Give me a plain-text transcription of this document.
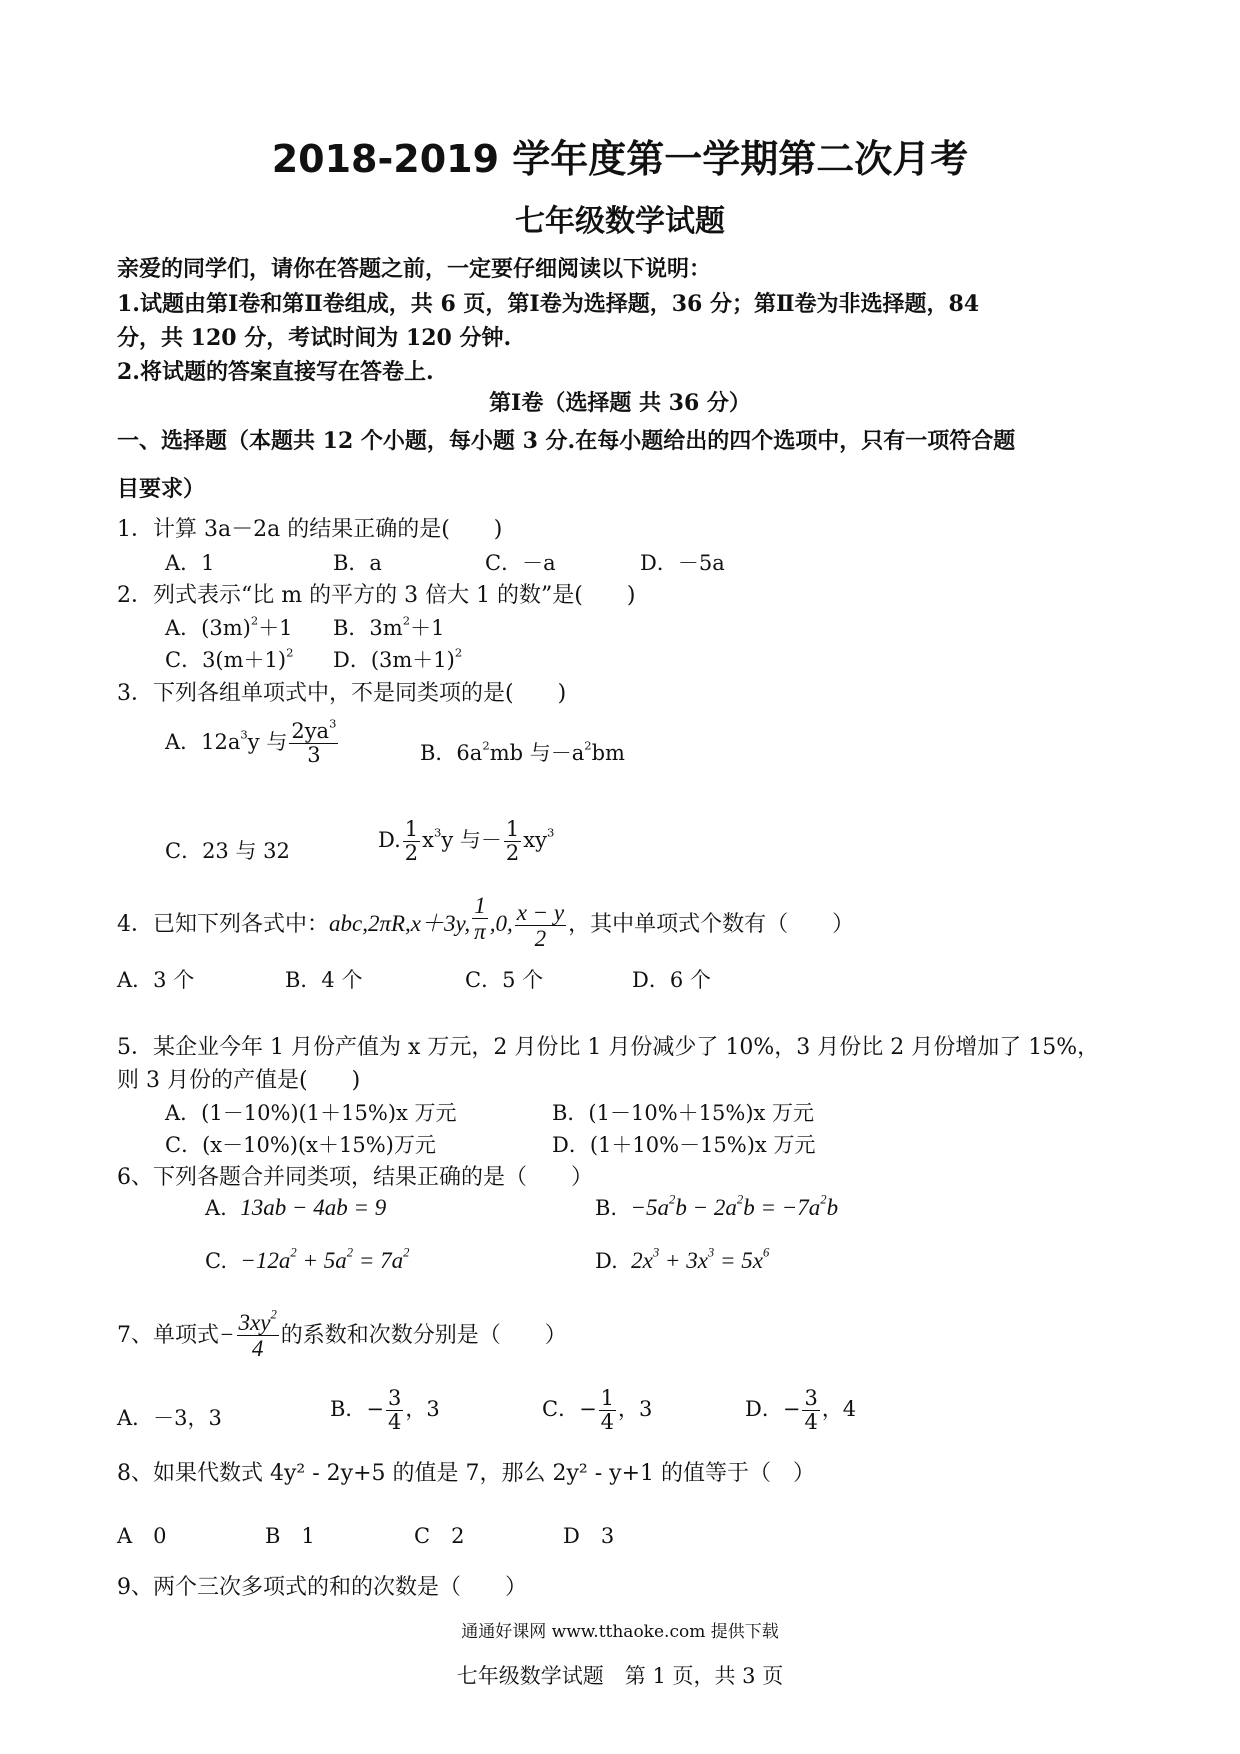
2018-2019 学年度第一学期第二次月考
七年级数学试题
亲爱的同学们，请你在答题之前，一定要仔细阅读以下说明：
1.试题由第Ⅰ卷和第Ⅱ卷组成，共 6 页，第Ⅰ卷为选择题，36 分；第Ⅱ卷为非选择题，84
分，共 120 分，考试时间为 120 分钟.
2.将试题的答案直接写在答卷上.
第Ⅰ卷（选择题 共 36 分）
一、选择题（本题共 12 个小题，每小题 3 分.在每小题给出的四个选项中，只有一项符合题
目要求）
1．计算 3a－2a 的结果正确的是(　　)
A．1	B．a	C．－a	D．－5a
2．列式表示“比 m 的平方的 3 倍大 1 的数”是(　　)
A．$(3m)^2+1$ B．$3m^2+1$
C．$3(m+1)^2$ D．$(3m+1)^2$
3．下列各组单项式中，不是同类项的是(　　)
A．$12a^3y$ 与 $\frac{2ya^3}{3}$	B．$6a^2mb$ 与$-a^2bm$
C．23 与 32	D. $\frac{1}{2} x^3y$ 与－ $\frac{1}{2} xy^3$
4．已知下列各式中：abc,2πR,x＋3y, $\frac{1}{\pi} ,0$, $\frac{x - y}{2}$ ，其中单项式个数有（　　）
A．3 个	B．4 个	C．5 个	D．6 个
5．某企业今年 1 月份产值为 x 万元，2 月份比 1 月份减少了 10%，3 月份比 2 月份增加了 15%，
则 3 月份的产值是(　　)
A．(1－10%)(1＋15%)x 万元	B．(1－10%＋15%)x 万元
C．(x－10%)(x＋15%)万元	D．(1＋10%－15%)x 万元
6、下列各题合并同类项，结果正确的是（　　）
A.  13ab − 4ab = 9	B.  $-5a^2b - 2a^2b = -7a^2b$
C.  $-12a^2 + 5a^2 = 7a^2$	D.  $2x^3 + 3x^3 = 5x^6$
7、单项式− $\frac{3xy^2}{4}$ 的系数和次数分别是（　　）
A．－3，3	B．− $\frac{3}{4}$ ，3	C．− $\frac{1}{4}$ ，3	D．− $\frac{3}{4}$ ，4
8、如果代数式 4y² - 2y+5 的值是 7，那么 2y² - y+1 的值等于（　）
A　0	B　1	C　2	D　3
9、两个三次多项式的和的次数是（　　）
通通好课网 www.tthaoke.com 提供下载
七年级数学试题　第 1 页，共 3 页
